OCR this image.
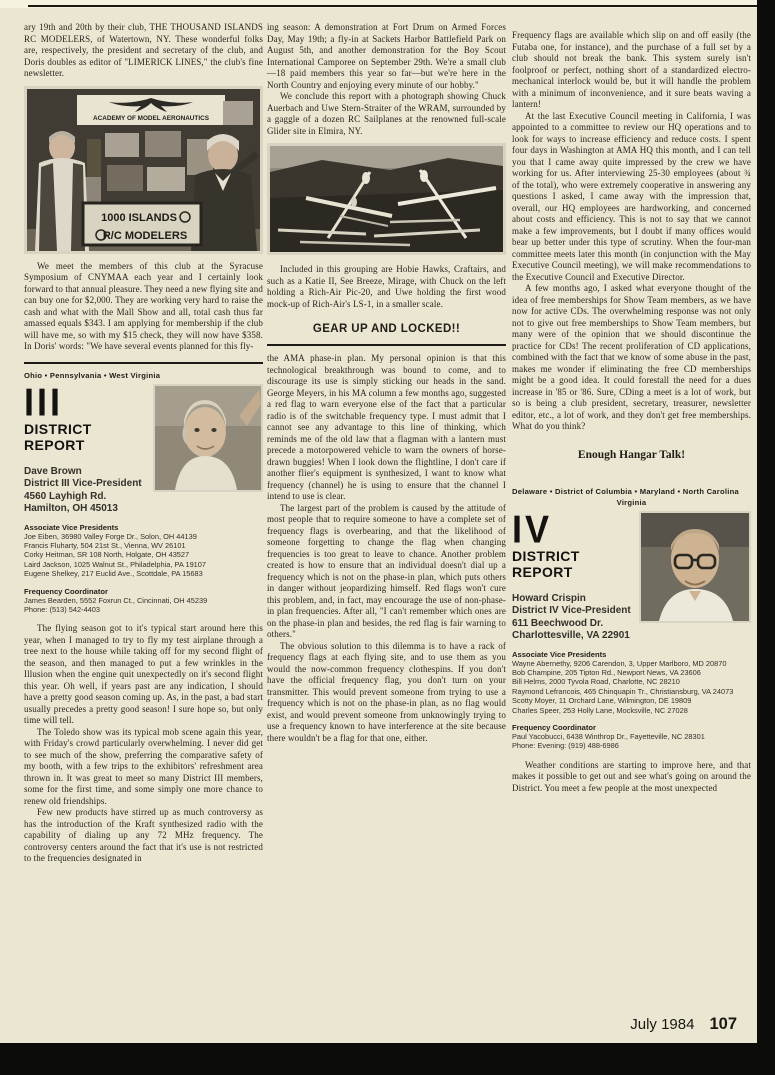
ary 19th and 20th by their club, THE THOUSAND ISLANDS RC MODELERS, of Watertown, NY. These wonderful folks are, respectively, the president and secretary of the club, and Doris doubles as editor of "LIMERICK LINES," the club's fine newsletter.

ACADEMY OF MODEL AERONAUTICS
1000 ISLANDS
R/C MODELERS

We meet the members of this club at the Syracuse Symposium of CNYMAA each year and I certainly look forward to that annual pleasure. They need a new flying site and can buy one for $2,000. They are working very hard to raise the cash and what with the Mall Show and all, total cash thus far amassed equals $343. I am applying for membership if the club will have me, so with my $15 check, they will now have $358. In Doris' words: "We have several events planned for this fly-

Ohio • Pennsylvania • West Virginia
III
DISTRICT REPORT
Dave Brown
District III Vice-President
4560 Layhigh Rd.
Hamilton, OH 45013
Associate Vice Presidents
Joe Eiben, 36980 Valley Forge Dr., Solon, OH 44139
Francis Fluharty, 504 21st St., Vienna, WV 26101
Corky Heitman, SR 108 North, Holgate, OH 43527
Laird Jackson, 1025 Walnut St., Philadelphia, PA 19107
Eugene Shelkey, 217 Euclid Ave., Scottdale, PA 15683
Frequency Coordinator
James Bearden, 5552 Foxrun Ct., Cincinnati, OH 45239
Phone: (513) 542-4403

The flying season got to it's typical start around here this year, when I managed to try to fly my test airplane through a tree next to the house while taking off for my second flight of the season, and then managed to put a few wrinkles in the Illusion when the engine quit unexpectedly on it's second flight this year. Oh well, if years past are any indication, I should have a pretty good season coming up. As, in the past, a bad start usually precedes a pretty good season! I sure hope so, but only time will tell.

The Toledo show was its typical mob scene again this year, with Friday's crowd particularly overwhelming. I never did get to see much of the show, preferring the comparative safety of my booth, with a few trips to the exhibitors' refreshment area thrown in. It was great to meet so many District III members, some for the first time, and some simply one more chance to renew old friendships.

Few new products have stirred up as much controversy as has the introduction of the Kraft synthesized radio with the capability of dialing up any 72 MHz frequency. The controversy centers around the fact that it's use is not restricted to the frequencies designated in

ing season: A demonstration at Fort Drum on Armed Forces Day, May 19th; a fly-in at Sackets Harbor Battlefield Park on August 5th, and another demonstration for the Boy Scout International Camporee on September 29th. We're a small club—18 paid members this year so far—but we're here in the North Country and enjoying every minute of our hobby."

We conclude this report with a photograph showing Chuck Auerbach and Uwe Stern-Straiter of the WRAM, surrounded by a gaggle of a dozen RC Sailplanes at the renowned full-scale Glider site in Elmira, NY.

Included in this grouping are Hobie Hawks, Craftairs, and such as a Katie II, See Breeze, Mirage, with Chuck on the left holding a Rich-Air Pic-20, and Uwe holding the first wood mock-up of Rich-Air's LS-1, in a smaller scale.

GEAR UP AND LOCKED!!

the AMA phase-in plan. My personal opinion is that this technological breakthrough was bound to come, and to discourage its use is simply sticking our heads in the sand. George Meyers, in his MA column a few months ago, suggested a red flag to warn everyone else of the fact that a particular radio is of the switchable frequency type. I must admit that I cannot see any advantage to this line of thinking, which reminds me of the old law that a flagman with a lantern must precede a motorpowered vehicle to warn the owners of horse-drawn buggies! When I look down the flightline, I don't care if another flier's equipment is synthesized, I want to know what frequency (channel) he is using to ensure that the channel I intend to use is clear.

The largest part of the problem is caused by the attitude of most people that to require someone to have a complete set of frequency flags is overbearing, and that the likelihood of someone forgetting to change the flag when changing frequencies is too great to leave to chance. Another problem created is how to ensure that an individual doesn't dial up a frequency which is not on the phase-in plan, which puts others in danger without jeopardizing himself. Red flags won't cure this problem, and, in fact, may encourage the use of non-phase-in plan frequencies. After all, "I can't remember which ones are on the phase-in plan and besides, the red flag is fair warning to others."

The obvious solution to this dilemma is to have a rack of frequency flags at each flying site, and to use them as you would the now-common frequency clothespins. If you don't have the official frequency flag, you don't turn on your transmitter. This would prevent someone from trying to use a frequency which is not on the phase-in plan, as no flag would exist, and would prevent someone from unknowingly trying to use a frequency known to have interference at the site because there wouldn't be a flag for that one, either.

Frequency flags are available which slip on and off easily (the Futaba one, for instance), and the purchase of a full set by a club should not break the bank. This system surely isn't foolproof or perfect, nothing short of a standardized electro-mechanical interlock would be, but it will handle the problem with a minimum of inconvenience, and it sure beats waving a lantern!

At the last Executive Council meeting in California, I was appointed to a committee to review our HQ operations and to look for ways to increase efficiency and reduce costs. I spent four days in Washington at AMA HQ this month, and I can tell you that I came away quite impressed by the crew we have working for us. After interviewing 25-30 employees (about ¾ of the total), who were extremely cooperative in answering any questions I asked, I came away with the impression that, overall, our HQ employees are hardworking, and concerned about costs and efficiency. This is not to say that we cannot make a few improvements, but I doubt if many offices would bear up better under this type of scrutiny. When the four-man committee meets later this month (in conjunction with the May Executive Council meeting), we will make recommendations to the Executive Council and Executive Director.

A few months ago, I asked what everyone thought of the idea of free memberships for Show Team members, as we have now for active CDs. The overwhelming response was not only not to give out free memberships to Show Team members, but many were of the opinion that we should discontinue the practice for CDs! The recent proliferation of CD applications, combined with the fact that we know of some abuse in the past, makes me wonder if eliminating the free CD memberships might be a good idea. It could forestall the need for a dues increase in '85 or '86. Sure, CDing a meet is a lot of work, but so is being a club president, secretary, treasurer, newsletter editor, etc., a lot of work, and they don't get free memberships. What do you think?

Enough Hangar Talk!
Delaware • District of Columbia • Maryland • North Carolina
Virginia
IV
DISTRICT REPORT
Howard Crispin
District IV Vice-President
611 Beechwood Dr.
Charlottesville, VA 22901
Associate Vice Presidents
Wayne Abernethy, 9206 Carendon, 3, Upper Marlboro, MD 20870
Bob Champine, 205 Tipton Rd., Newport News, VA 23606
Bill Helms, 2000 Tyvola Road, Charlotte, NC 28210
Raymond Lefrancois, 465 Chinquapin Tr., Christiansburg, VA 24073
Scotty Moyer, 11 Orchard Lane, Wilmington, DE 19809
Charles Speer, 253 Holly Lane, Mocksville, NC 27028
Frequency Coordinator
Paul Yacobucci, 6438 Winthrop Dr., Fayetteville, NC 28301
Phone: Evening: (919) 488-6986

Weather conditions are starting to improve here, and that makes it possible to get out and see what's going on around the District. You meet a few people at the most unexpected

July 1984 107
